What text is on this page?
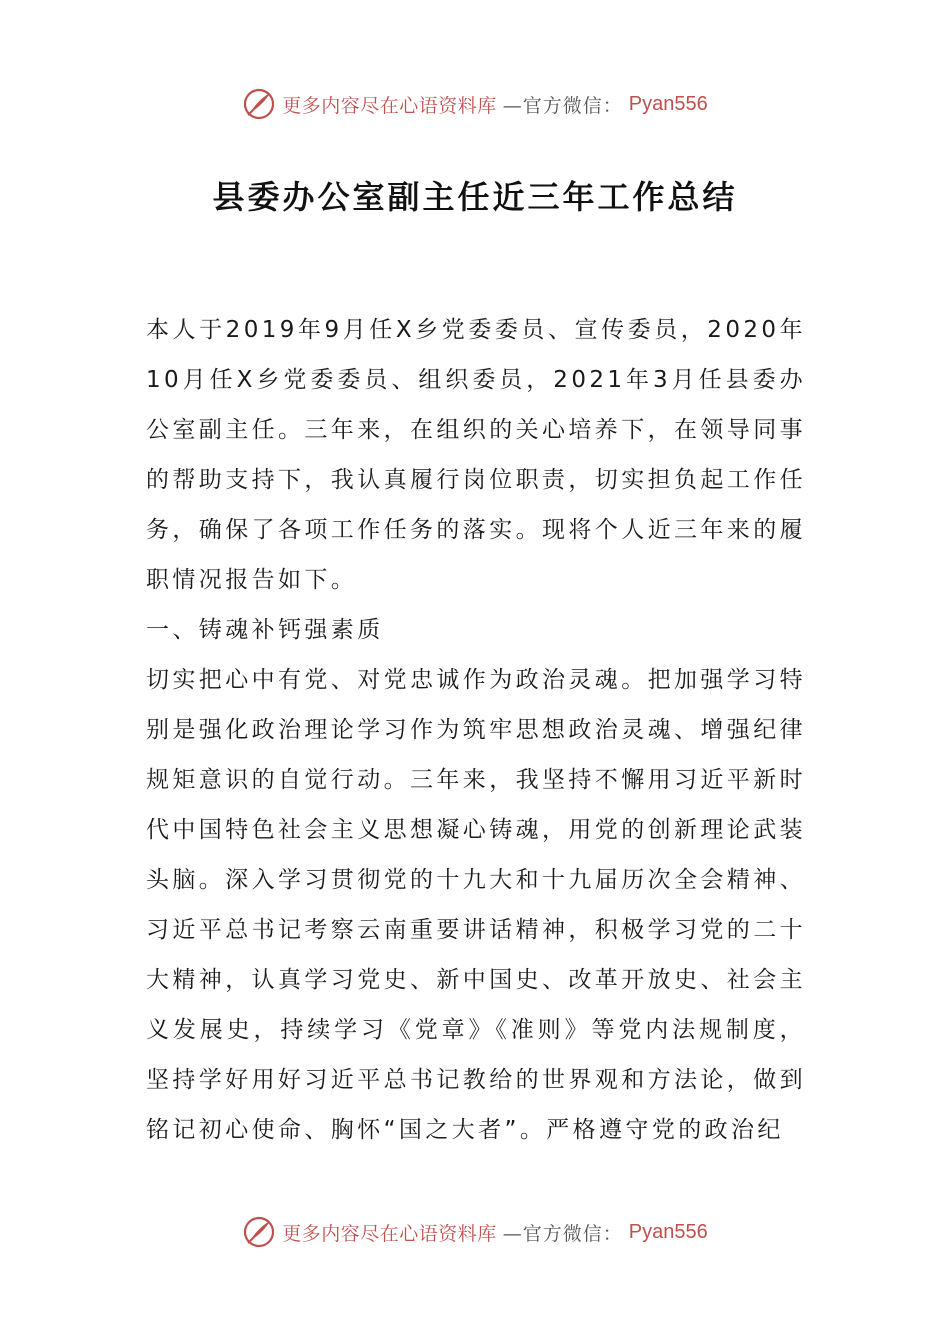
更多内容尽在心语资料库 —官方微信： Pyan556
县委办公室副主任近三年工作总结

本人于2019年9月任X乡党委委员、宣传委员，2020年10月任X乡党委委员、组织委员，2021年3月任县委办公室副主任。三年来，在组织的关心培养下，在领导同事的帮助支持下，我认真履行岗位职责，切实担负起工作任务，确保了各项工作任务的落实。现将个人近三年来的履职情况报告如下。

一、铸魂补钙强素质

切实把心中有党、对党忠诚作为政治灵魂。把加强学习特别是强化政治理论学习作为筑牢思想政治灵魂、增强纪律规矩意识的自觉行动。三年来，我坚持不懈用习近平新时代中国特色社会主义思想凝心铸魂，用党的创新理论武装头脑。深入学习贯彻党的十九大和十九届历次全会精神、习近平总书记考察云南重要讲话精神，积极学习党的二十大精神，认真学习党史、新中国史、改革开放史、社会主义发展史，持续学习《党章》《准则》等党内法规制度，坚持学好用好习近平总书记教给的世界观和方法论，做到铭记初心使命、胸怀“国之大者”。严格遵守党的政治纪

更多内容尽在心语资料库 —官方微信： Pyan556
